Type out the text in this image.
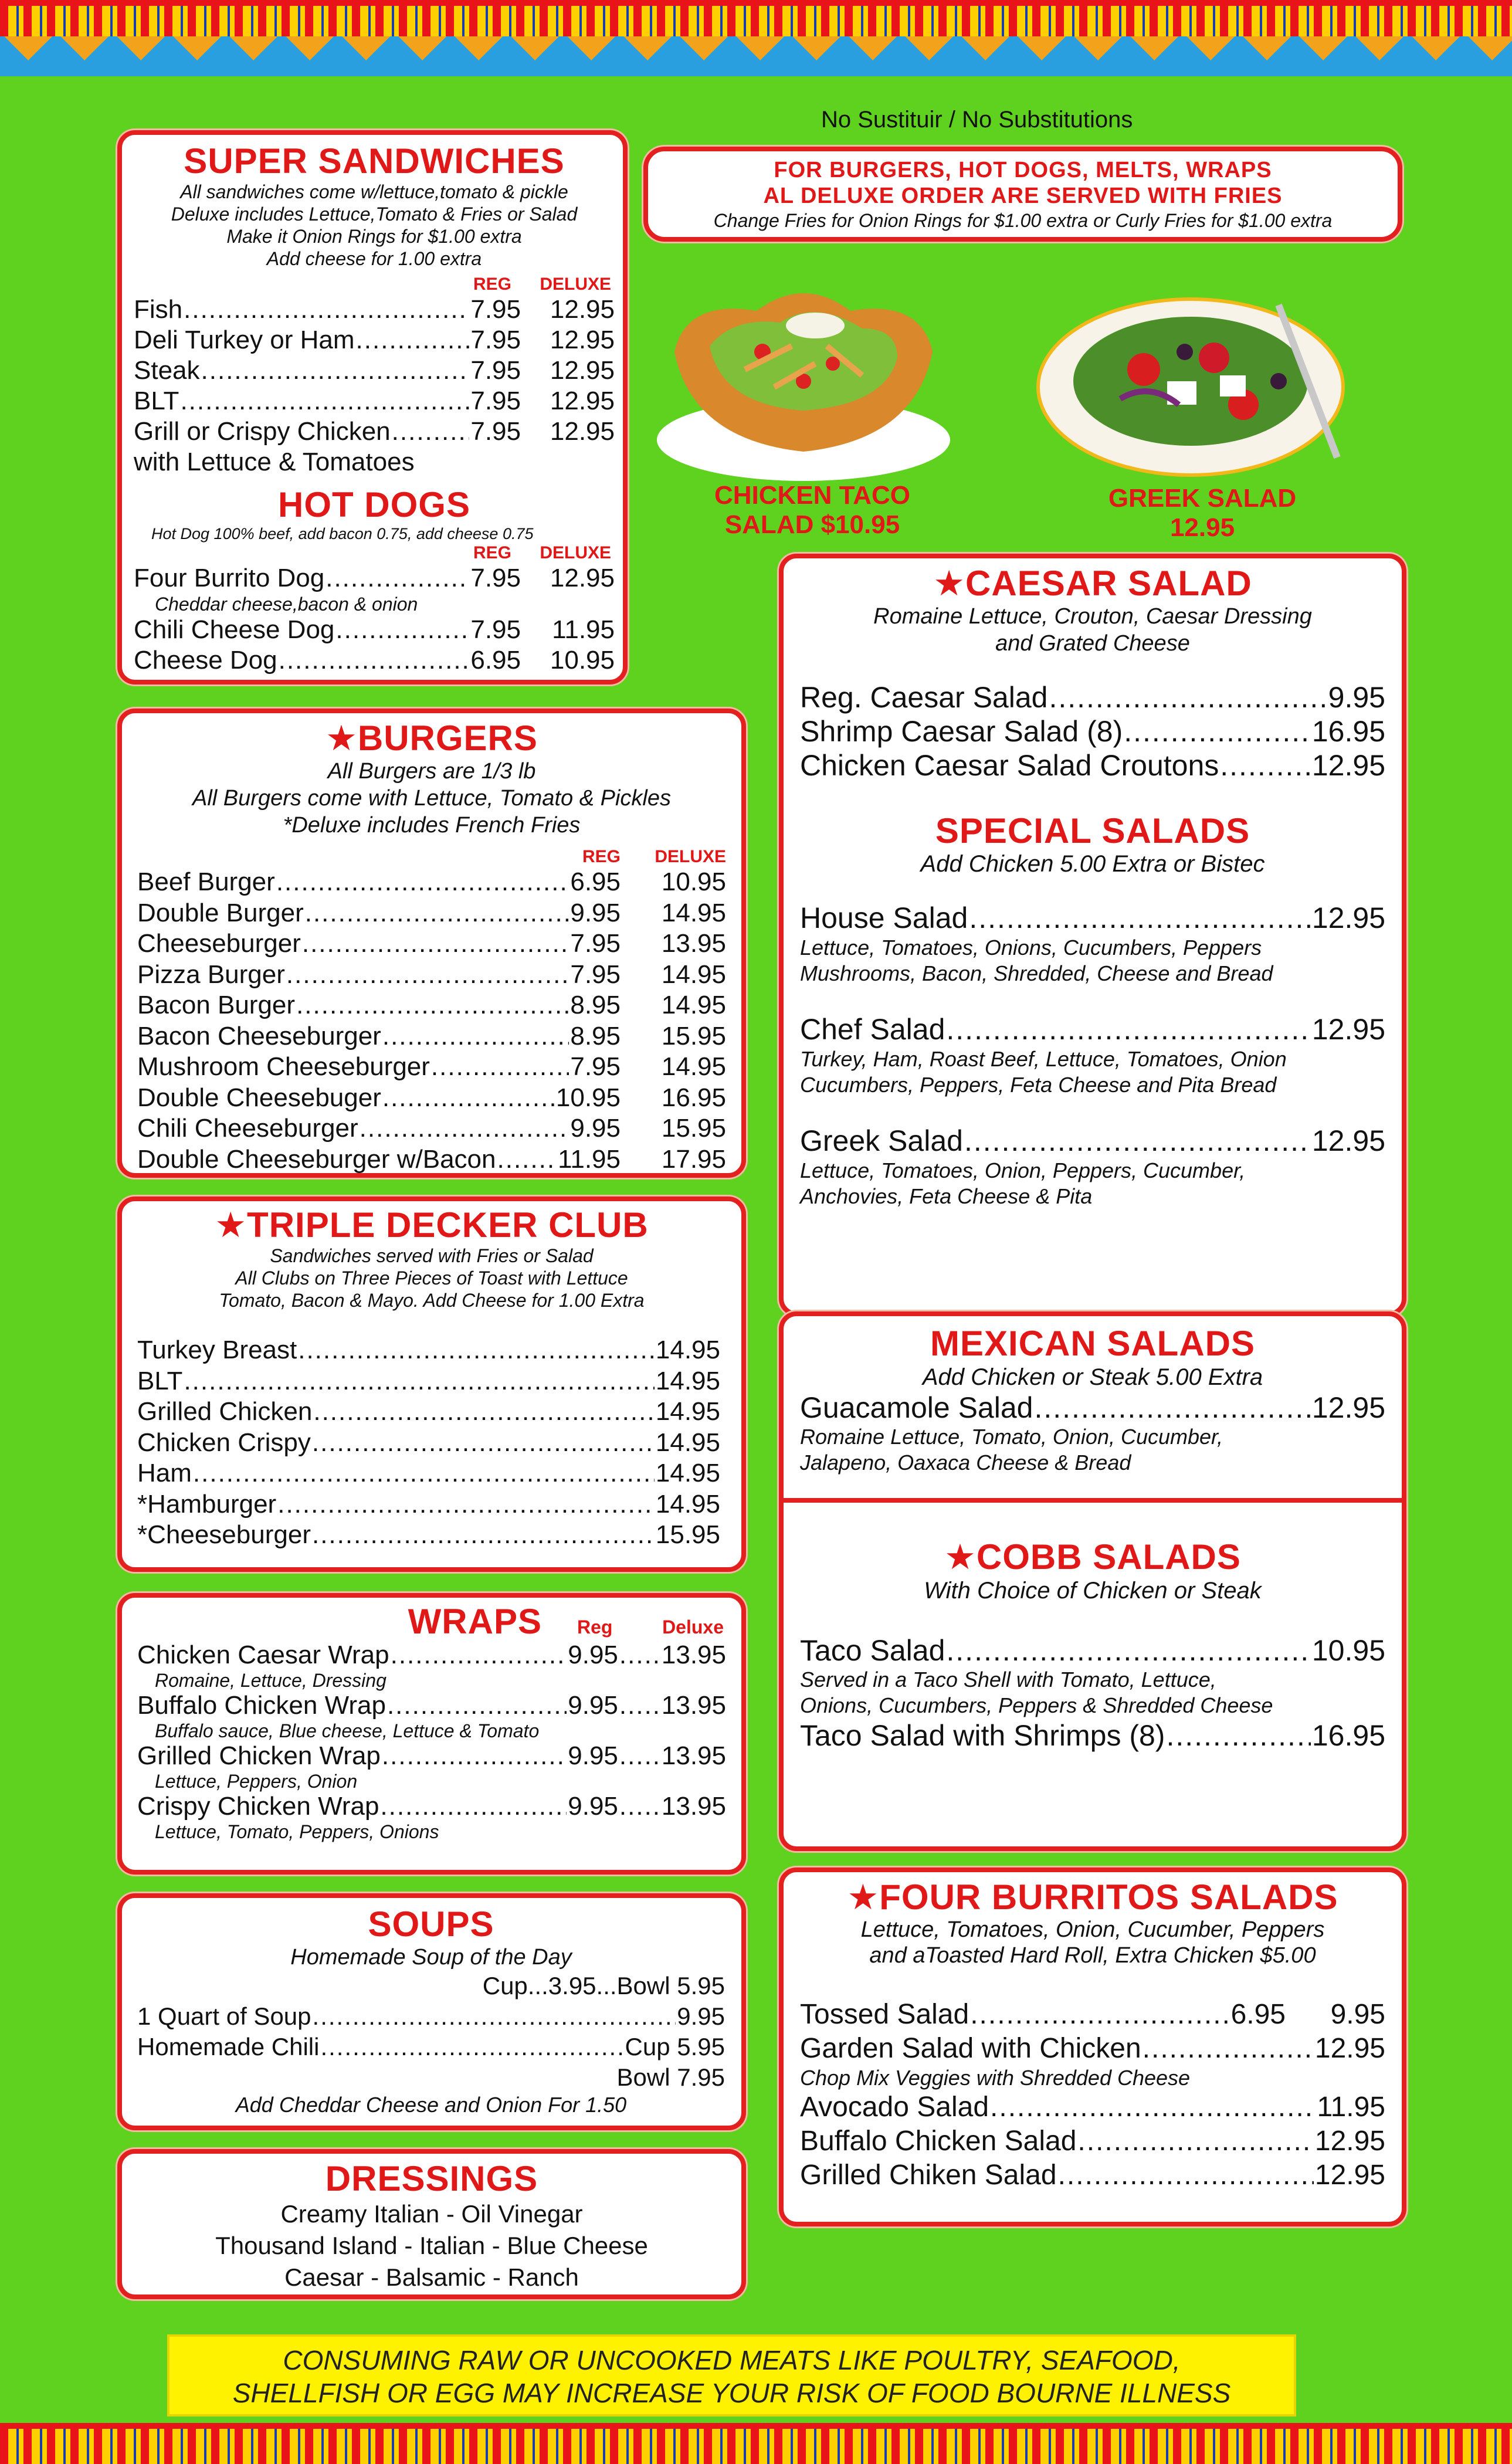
No Sustituir / No Substitutions
FOR BURGERS, HOT DOGS, MELTS, WRAPS
AL DELUXE ORDER ARE SERVED WITH FRIES
Change Fries for Onion Rings for $1.00 extra or Curly Fries for $1.00 extra
CHICKEN TACO
SALAD $10.95
GREEK SALAD
12.95
SUPER SANDWICHES
All sandwiches come w/lettuce,tomato & pickle
Deluxe includes Lettuce,Tomato & Fries or Salad
Make it Onion Rings for $1.00 extra
Add cheese for 1.00 extra
REG	DELUXE
Fish .....	7.95	12.95
Deli Turkey or Ham .....	7.95	12.95
Steak .....	7.95	12.95
BLT .....	7.95	12.95
Grill or Crispy Chicken .....	7.95	12.95
with Lettuce & Tomatoes
HOT DOGS
Hot Dog 100% beef, add bacon 0.75, add cheese 0.75
REG	DELUXE
Four Burrito Dog .....	7.95	12.95
Cheddar cheese,bacon & onion
Chili Cheese Dog .....	7.95	11.95
Cheese Dog .....	6.95	10.95
★BURGERS
All Burgers are 1/3 lb
All Burgers come with Lettuce, Tomato & Pickles
*Deluxe includes French Fries
REG	DELUXE
Beef Burger .....	6.95	10.95
Double Burger .....	9.95	14.95
Cheeseburger .....	7.95	13.95
Pizza Burger .....	7.95	14.95
Bacon Burger .....	8.95	14.95
Bacon Cheeseburger .....	8.95	15.95
Mushroom Cheeseburger .....	7.95	14.95
Double Cheesebuger .....	10.95	16.95
Chili Cheeseburger .....	9.95	15.95
Double Cheeseburger w/Bacon ..... 11.95	17.95
★TRIPLE DECKER CLUB
Sandwiches served with Fries or Salad
All Clubs on Three Pieces of Toast with Lettuce
Tomato, Bacon & Mayo. Add Cheese for 1.00 Extra
Turkey Breast .....	14.95
BLT .....	14.95
Grilled Chicken .....	14.95
Chicken Crispy .....	14.95
Ham .....	14.95
*Hamburger .....	14.95
*Cheeseburger .....	15.95
WRAPS Reg	Deluxe
Chicken Caesar Wrap .....	9.95 ..... 13.95
Romaine, Lettuce, Dressing
Buffalo Chicken Wrap .....	9.95 ..... 13.95
Buffalo sauce, Blue cheese, Lettuce & Tomato
Grilled Chicken Wrap .....	9.95 ..... 13.95
Lettuce, Peppers, Onion
Crispy Chicken Wrap .....	9.95 ..... 13.95
Lettuce, Tomato, Peppers, Onions
SOUPS
Homemade Soup of the Day
Cup...3.95...Bowl 5.95
1 Quart of Soup .....	9.95
Homemade Chili .....	Cup 5.95
Bowl 7.95
Add Cheddar Cheese and Onion For 1.50
DRESSINGS
Creamy Italian - Oil Vinegar
Thousand Island - Italian - Blue Cheese
Caesar - Balsamic - Ranch
★CAESAR SALAD
Romaine Lettuce, Crouton, Caesar Dressing
and Grated Cheese
Reg. Caesar Salad .....	9.95
Shrimp Caesar Salad (8) .....	16.95
Chicken Caesar Salad Croutons .....	12.95
SPECIAL SALADS
Add Chicken 5.00 Extra or Bistec
House Salad .....	12.95
Lettuce, Tomatoes, Onions, Cucumbers, Peppers
Mushrooms, Bacon, Shredded, Cheese and Bread
Chef Salad .....	12.95
Turkey, Ham, Roast Beef, Lettuce, Tomatoes, Onion
Cucumbers, Peppers, Feta Cheese and Pita Bread
Greek Salad .....	12.95
Lettuce, Tomatoes, Onion, Peppers, Cucumber,
Anchovies, Feta Cheese & Pita
MEXICAN SALADS
Add Chicken or Steak 5.00 Extra
Guacamole Salad .....	12.95
Romaine Lettuce, Tomato, Onion, Cucumber,
Jalapeno, Oaxaca Cheese & Bread
★COBB SALADS
With Choice of Chicken or Steak
Taco Salad .....	10.95
Served in a Taco Shell with Tomato, Lettuce,
Onions, Cucumbers, Peppers & Shredded Cheese
Taco Salad with Shrimps (8) .....	16.95
★FOUR BURRITOS SALADS
Lettuce, Tomatoes, Onion, Cucumber, Peppers
and aToasted Hard Roll, Extra Chicken $5.00
Tossed Salad .....	6.95	9.95
Garden Salad with Chicken .....	12.95
Chop Mix Veggies with Shredded Cheese
Avocado Salad .....	11.95
Buffalo Chicken Salad .....	12.95
Grilled Chiken Salad .....	12.95
CONSUMING RAW OR UNCOOKED MEATS LIKE POULTRY, SEAFOOD,
SHELLFISH OR EGG MAY INCREASE YOUR RISK OF FOOD BOURNE ILLNESS
